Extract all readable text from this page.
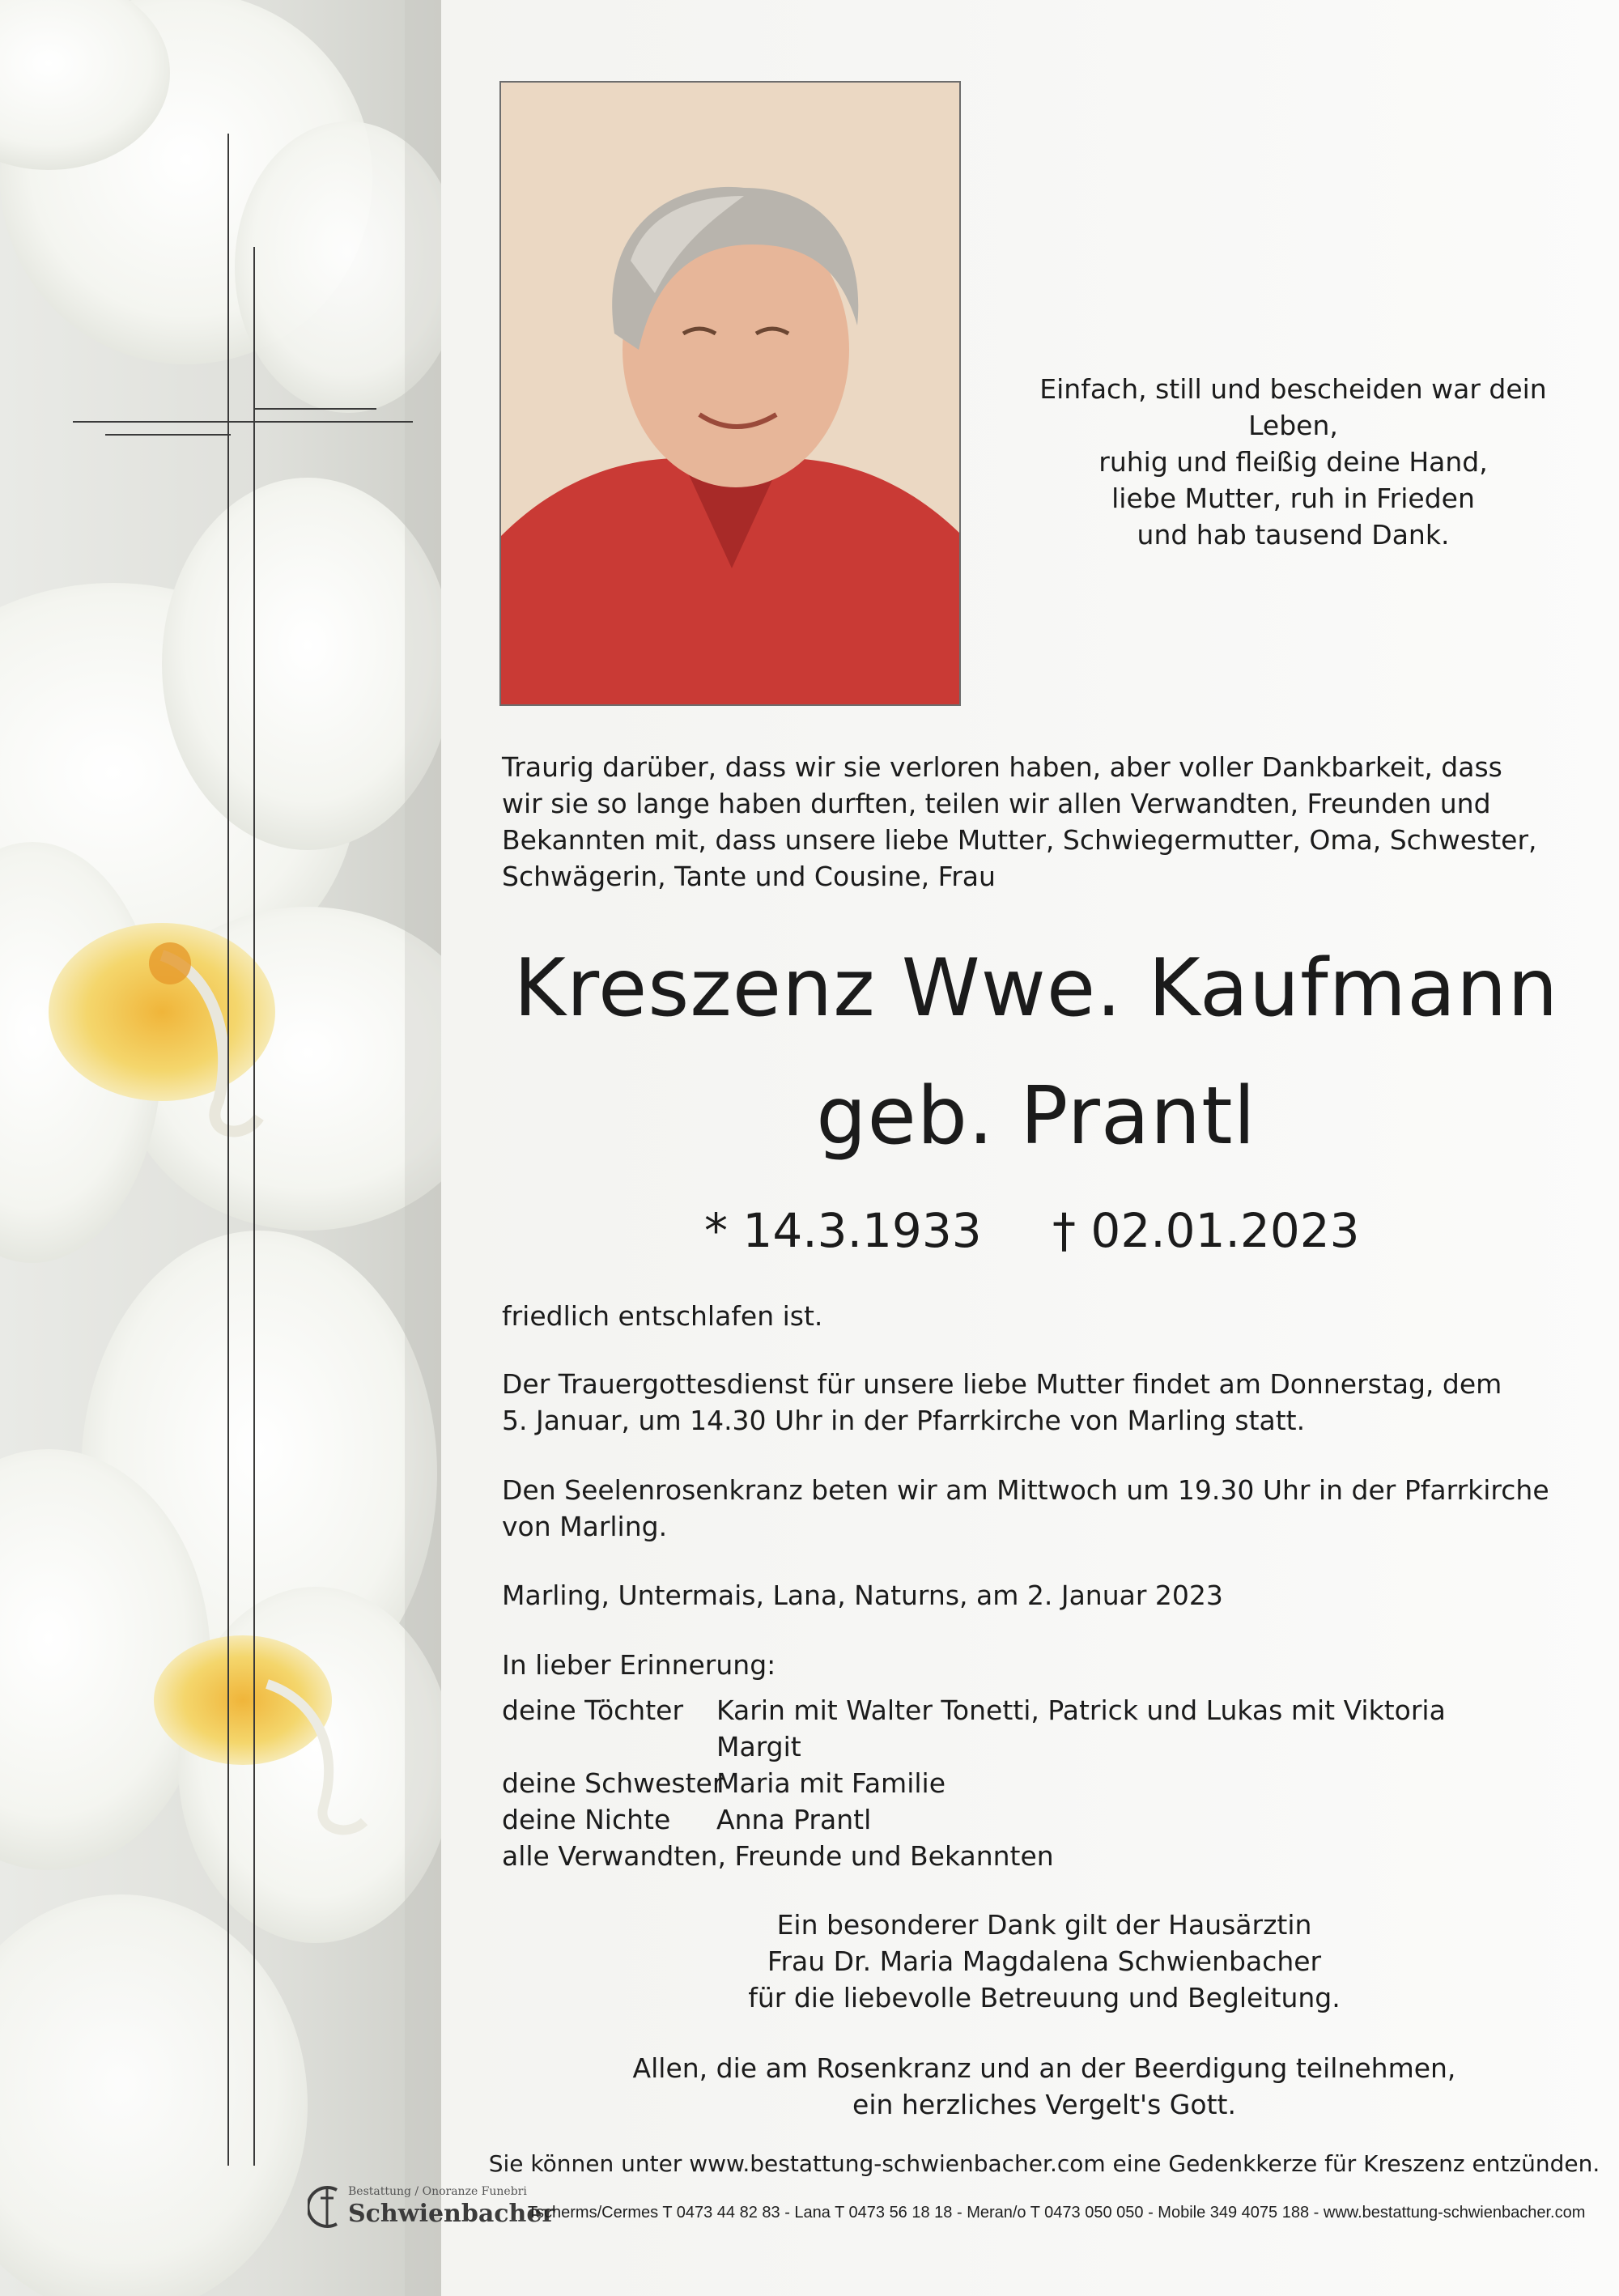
Einfach, still und bescheiden war dein Leben,
ruhig und fleißig deine Hand,
liebe Mutter, ruh in Frieden
und hab tausend Dank.
Traurig darüber, dass wir sie verloren haben, aber voller Dankbarkeit, dass
wir sie so lange haben durften, teilen wir allen Verwandten, Freunden und
Bekannten mit, dass unsere liebe Mutter, Schwiegermutter, Oma, Schwester,
Schwägerin, Tante und Cousine, Frau
Kreszenz Wwe. Kaufmann
geb. Prantl
* 14.3.1933 † 02.01.2023
friedlich entschlafen ist.
Der Trauergottesdienst für unsere liebe Mutter findet am Donnerstag, dem
5. Januar, um 14.30 Uhr in der Pfarrkirche von Marling statt.
Den Seelenrosenkranz beten wir am Mittwoch um 19.30 Uhr in der Pfarrkirche
von Marling.
Marling, Untermais, Lana, Naturns, am 2. Januar 2023
In lieber Erinnerung:
deine Töchter Karin mit Walter Tonetti, Patrick und Lukas mit Viktoria
Margit
deine Schwester
Maria mit Familie
deine Nichte Anna Prantl
alle Verwandten, Freunde und Bekannten
Ein besonderer Dank gilt der Hausärztin
Frau Dr. Maria Magdalena Schwienbacher
für die liebevolle Betreuung und Begleitung.
Allen, die am Rosenkranz und an der Beerdigung teilnehmen,
ein herzliches Vergelt's Gott.
Sie können unter www.bestattung-schwienbacher.com eine Gedenkkerze für Kreszenz entzünden.
Bestattung / Onoranze Funebri
Schwienbacher
Tscherms/Cermes T 0473 44 82 83 - Lana T 0473 56 18 18 - Meran/o T 0473 050 050 - Mobile 349 4075 188 - www.bestattung-schwienbacher.com
